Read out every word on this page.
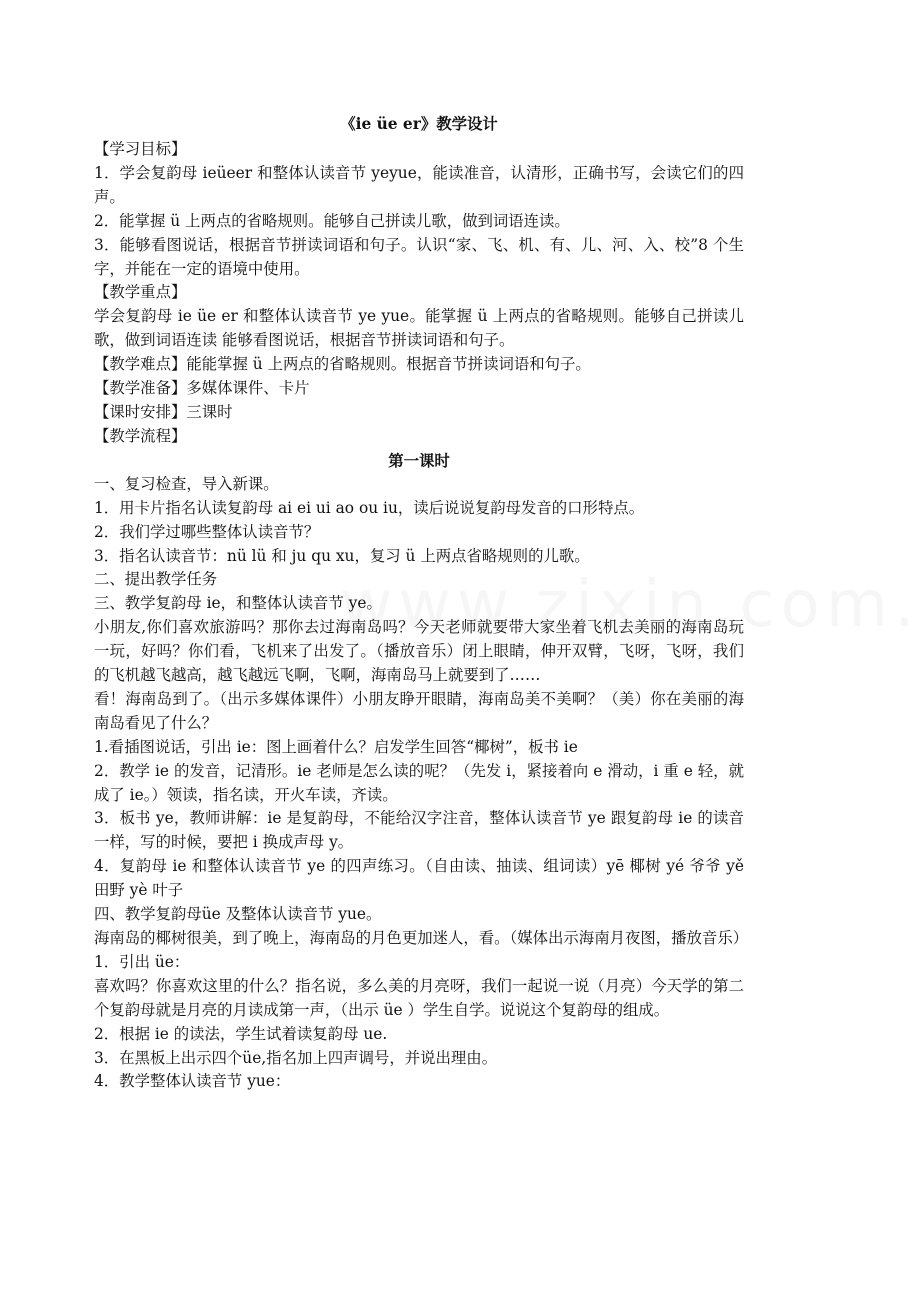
《ie üe er》教学设计

【学习目标】

1．学会复韵母 ieüeer 和整体认读音节 yeyue，能读准音，认清形，正确书写，会读它们的四声。

2．能掌握 ü 上两点的省略规则。能够自己拼读儿歌，做到词语连读。

3．能够看图说话，根据音节拼读词语和句子。认识“家、飞、机、有、儿、河、入、校”8 个生字，并能在一定的语境中使用。

【教学重点】

学会复韵母 ie üe er 和整体认读音节 ye yue。能掌握 ü 上两点的省略规则。能够自己拼读儿歌，做到词语连读 能够看图说话，根据音节拼读词语和句子。

【教学难点】能能掌握 ü 上两点的省略规则。根据音节拼读词语和句子。

【教学准备】多媒体课件、卡片

【课时安排】三课时

【教学流程】

第一课时

一、复习检查，导入新课。

1．用卡片指名认读复韵母 ai ei ui ao ou iu，读后说说复韵母发音的口形特点。

2．我们学过哪些整体认读音节？

3．指名认读音节：nü lü 和 ju qu xu，复习 ü 上两点省略规则的儿歌。

二、提出教学任务

三、教学复韵母 ie，和整体认读音节 ye。

小朋友,你们喜欢旅游吗？那你去过海南岛吗？今天老师就要带大家坐着飞机去美丽的海南岛玩一玩，好吗？你们看，飞机来了出发了。（播放音乐）闭上眼睛，伸开双臂，飞呀，飞呀，我们的飞机越飞越高，越飞越远飞啊，飞啊，海南岛马上就要到了……

看！海南岛到了。（出示多媒体课件）小朋友睁开眼睛，海南岛美不美啊？（美）你在美丽的海南岛看见了什么？

1.看插图说话，引出 ie：图上画着什么？启发学生回答“椰树”，板书 ie

2．教学 ie 的发音，记清形。ie 老师是怎么读的呢？（先发 i，紧接着向 e 滑动，i 重 e 轻，就成了 ie。）领读，指名读，开火车读，齐读。

3．板书 ye，教师讲解：ie 是复韵母，不能给汉字注音，整体认读音节 ye 跟复韵母 ie 的读音一样，写的时候，要把 i 换成声母 y。

4．复韵母 ie 和整体认读音节 ye 的四声练习。（自由读、抽读、组词读）yē 椰树 yé 爷爷 yě 田野 yè 叶子

四、教学复韵母üe 及整体认读音节 yue。

海南岛的椰树很美，到了晚上，海南岛的月色更加迷人，看。（媒体出示海南月夜图，播放音乐）

1．引出 üe：

喜欢吗？你喜欢这里的什么？指名说，多么美的月亮呀，我们一起说一说（月亮）今天学的第二个复韵母就是月亮的月读成第一声，（出示 üe ）学生自学。说说这个复韵母的组成。

2．根据 ie 的读法，学生试着读复韵母 ue.

3．在黑板上出示四个üe,指名加上四声调号，并说出理由。

4．教学整体认读音节 yue：
